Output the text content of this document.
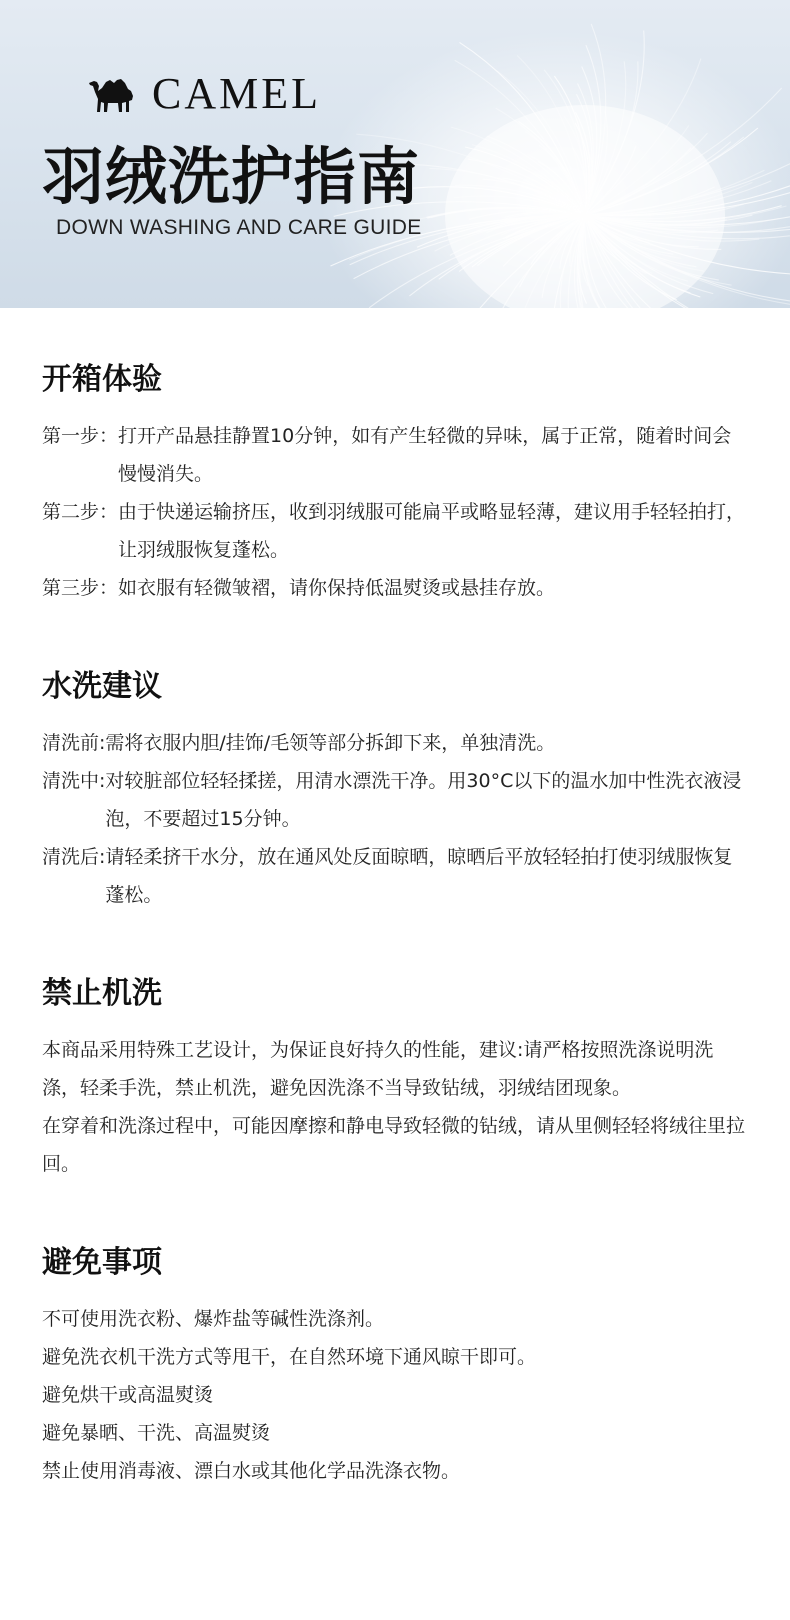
CAMEL
羽绒洗护指南
DOWN WASHING AND CARE GUIDE
开箱体验
第一步： 打开产品悬挂静置10分钟，如有产生轻微的异味，属于正常，随着时间会慢慢消失。
第二步： 由于快递运输挤压，收到羽绒服可能扁平或略显轻薄，建议用手轻轻拍打，让羽绒服恢复蓬松。
第三步： 如衣服有轻微皱褶，请你保持低温熨烫或悬挂存放。
水洗建议
清洗前: 需将衣服内胆/挂饰/毛领等部分拆卸下来，单独清洗。
清洗中: 对较脏部位轻轻揉搓，用清水漂洗干净。用30°C以下的温水加中性洗衣液浸泡，不要超过15分钟。
清洗后: 请轻柔挤干水分，放在通风处反面晾晒，晾晒后平放轻轻拍打使羽绒服恢复蓬松。
禁止机洗

本商品采用特殊工艺设计，为保证良好持久的性能，建议:请严格按照洗涤说明洗涤，轻柔手洗，禁止机洗，避免因洗涤不当导致钻绒，羽绒结团现象。

在穿着和洗涤过程中，可能因摩擦和静电导致轻微的钻绒，请从里侧轻轻将绒往里拉回。

避免事项

不可使用洗衣粉、爆炸盐等碱性洗涤剂。

避免洗衣机干洗方式等甩干，在自然环境下通风晾干即可。

避免烘干或高温熨烫

避免暴晒、干洗、高温熨烫

禁止使用消毒液、漂白水或其他化学品洗涤衣物。
